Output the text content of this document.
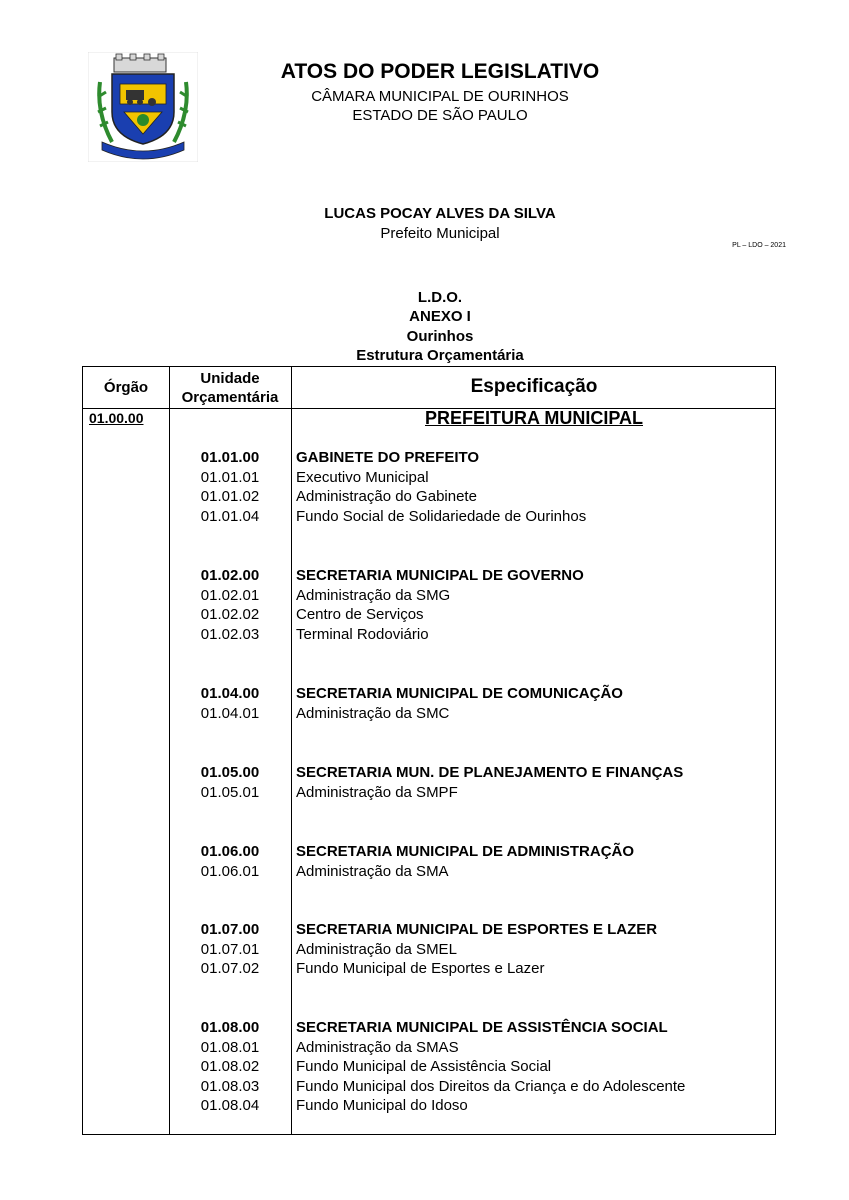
ATOS DO PODER LEGISLATIVO
CÂMARA MUNICIPAL DE OURINHOS
ESTADO DE SÃO PAULO
LUCAS POCAY ALVES DA SILVA
Prefeito Municipal
PL – LDO – 2021
L.D.O.
ANEXO I
Ourinhos
Estrutura Orçamentária
Órgão
Unidade
Orçamentária
Especificação
01.00.00	PREFEITURA MUNICIPAL
01.01.00
01.01.01
01.01.02
01.01.04
GABINETE DO PREFEITO
Executivo Municipal
Administração do Gabinete
Fundo Social de Solidariedade de Ourinhos
01.02.00
01.02.01
01.02.02
01.02.03
SECRETARIA MUNICIPAL DE GOVERNO
Administração da SMG
Centro de Serviços
Terminal Rodoviário
01.04.00
01.04.01
SECRETARIA MUNICIPAL DE COMUNICAÇÃO
Administração da SMC
01.05.00
01.05.01
SECRETARIA MUN. DE PLANEJAMENTO E FINANÇAS
Administração da SMPF
01.06.00
01.06.01
SECRETARIA MUNICIPAL DE ADMINISTRAÇÃO
Administração da SMA
01.07.00
01.07.01
01.07.02
SECRETARIA MUNICIPAL DE ESPORTES E LAZER
Administração da SMEL
Fundo Municipal de Esportes e Lazer
01.08.00
01.08.01
01.08.02
01.08.03
01.08.04
SECRETARIA MUNICIPAL DE ASSISTÊNCIA SOCIAL
Administração da SMAS
Fundo Municipal de Assistência Social
Fundo Municipal dos Direitos da Criança e do Adolescente
Fundo Municipal do Idoso
